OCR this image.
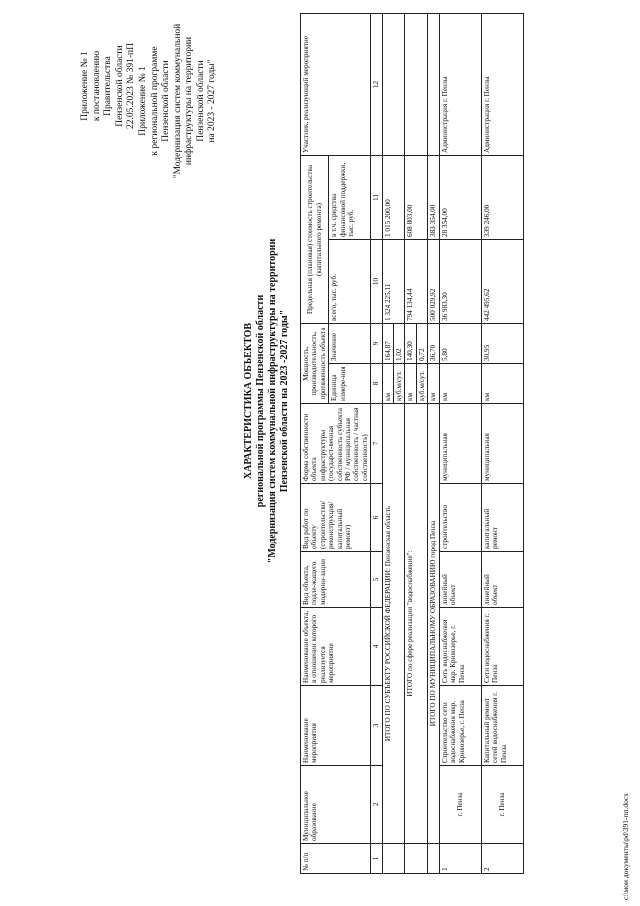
Приложение № 1 к постановлению Правительства Пензенской области 22.05.2023 № 391-пП Приложение № 1 к региональной программе Пензенской области "Модернизация систем коммунальной инфраструктуры на территории Пензенской области на 2023 - 2027 годы"
ХАРАКТЕРИСТИКА ОБЪЕКТОВ региональной программы Пензенской области "Модернизация систем коммунальной инфраструктуры на территории Пензенской области на 2023 -2027 годы"
№ п/п	Муниципальное образование	Наименование мероприятия	Наименование объекта, в отношении которого реализуется мероприятие	Вид объекта, подле-жащего модерни-зации	Вид работ по объекту (строительство/ реконструкция/ капитальный ремонт)	Форма собственности объекта инфраструктуры (государст-венная собственность субъекта РФ / муниципальная собственность / частная собственность)	Мощность, производительность, протяженность объекта		Предельная (плановая) стоимость строительства (капитального ремонта)		Участник, реализующий мероприятие
							Единица измере-ния	Значение	всего, тыс. руб.	в т.ч. средства финансовой поддержки, тыс. руб.	

1	2	3	4	5	6	7	8	9	10	11	12
	ИТОГО ПО СУБЪЕКТУ РОССИЙСКОЙ ФЕДЕРАЦИИ: Пензенская область						км	164,87	1 324 225,11	1 015 200,00	
							куб.м/сут.	1,02			
	ИТОГО по сфере реализации "водоснабжение":						км	140,30	794 134,44	608 803,00	
							куб.м/сут.	0,72			
	ИТОГО ПО МУНИЦИПАЛЬНОМУ ОБРАЗОВАНИЮ город Пенза						км	36,70	500 029,92	383 354,00	
1	г. Пенза	Строительство сети водоснабжения мкр. Кривозерье, г. Пенза	Сеть водоснабжения мкр. Кривозерье, г. Пенза	линейный объект	строительство	муниципальная	км	5,80	36 983,30	28 354,00	Администрация г. Пензы
2	г. Пенза	Капитальный ремонт сетей водоснабжения г. Пенза	Сети водоснабжения г. Пенза	линейный объект	капитальный ремонт	муниципальная	км	30,95	442 495,62	339 246,00	Администрация г. Пензы
c:\мои документы\pd\391-пп.docx
